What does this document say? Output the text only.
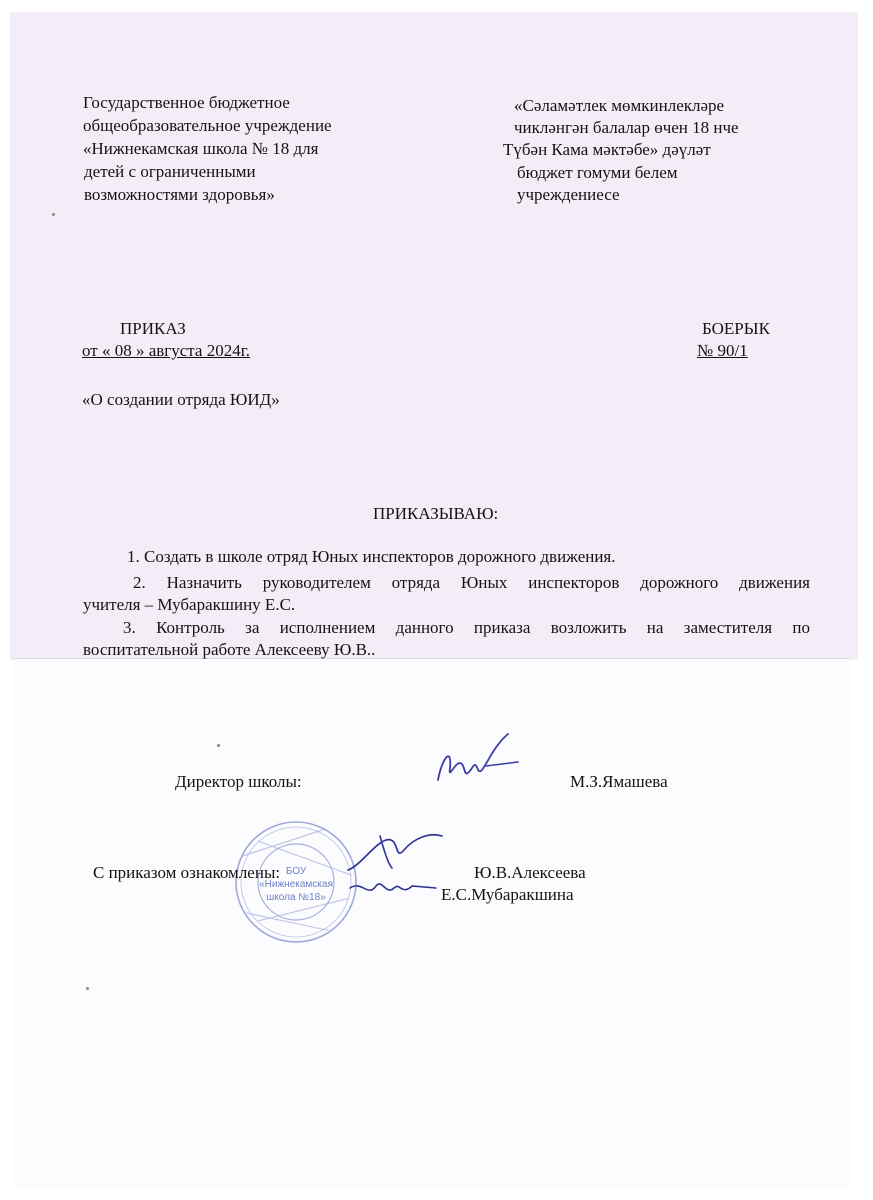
Государственное бюджетное
общеобразовательное учреждение
«Нижнекамская школа № 18 для
детей с ограниченными
возможностями здоровья»
«Сәламәтлек мөмкинлекләре
чикләнгән балалар өчен 18 нче
Түбән Кама мәктәбе» дәүләт
бюджет гомуми белем
учреждениесе
ПРИКАЗ	БОЕРЫК
от « 08 » августа 2024г.	№ 90/1
«О создании отряда ЮИД»
ПРИКАЗЫВАЮ:
1. Создать в школе отряд Юных инспекторов дорожного движения.
2. Назначить руководителем отряда Юных инспекторов дорожного движения
учителя – Мубаракшину Е.С.
3. Контроль за исполнением данного приказа возложить на заместителя по
воспитательной работе Алексееву Ю.В..
Директор школы:	М.З.Ямашева
БОУ
«Нижнекамская
школа №18»
С приказом ознакомлены:	Ю.В.Алексеева
Е.С.Мубаракшина
